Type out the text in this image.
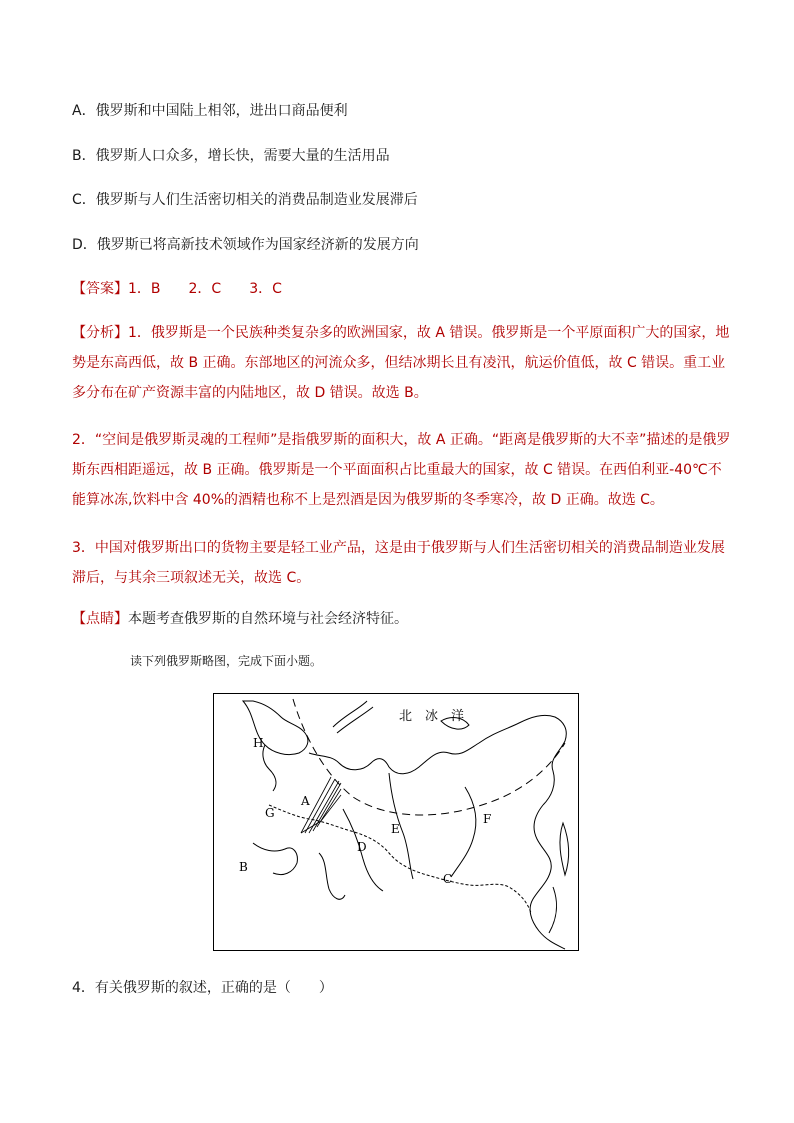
A．俄罗斯和中国陆上相邻，进出口商品便利
B．俄罗斯人口众多，增长快，需要大量的生活用品
C．俄罗斯与人们生活密切相关的消费品制造业发展滞后
D．俄罗斯已将高新技术领域作为国家经济新的发展方向
【答案】1．B　　2．C　　3．C
【分析】1．俄罗斯是一个民族种类复杂多的欧洲国家，故 A 错误。俄罗斯是一个平原面积广大的国家，地势是东高西低，故 B 正确。东部地区的河流众多，但结冰期长且有凌汛，航运价值低，故 C 错误。重工业多分布在矿产资源丰富的内陆地区，故 D 错误。故选 B。
2．“空间是俄罗斯灵魂的工程师”是指俄罗斯的面积大，故 A 正确。“距离是俄罗斯的大不幸”描述的是俄罗斯东西相距遥远，故 B 正确。俄罗斯是一个平面面积占比重最大的国家，故 C 错误。在西伯利亚-40℃不能算冰冻,饮料中含 40%的酒精也称不上是烈酒是因为俄罗斯的冬季寒冷，故 D 正确。故选 C。
3．中国对俄罗斯出口的货物主要是轻工业产品，这是由于俄罗斯与人们生活密切相关的消费品制造业发展滞后，与其余三项叙述无关，故选 C。
【点睛】本题考查俄罗斯的自然环境与社会经济特征。
读下列俄罗斯略图，完成下面小题。
H
A
G
B
D
E
F
C
北　冰　洋
4．有关俄罗斯的叙述，正确的是（　　）
